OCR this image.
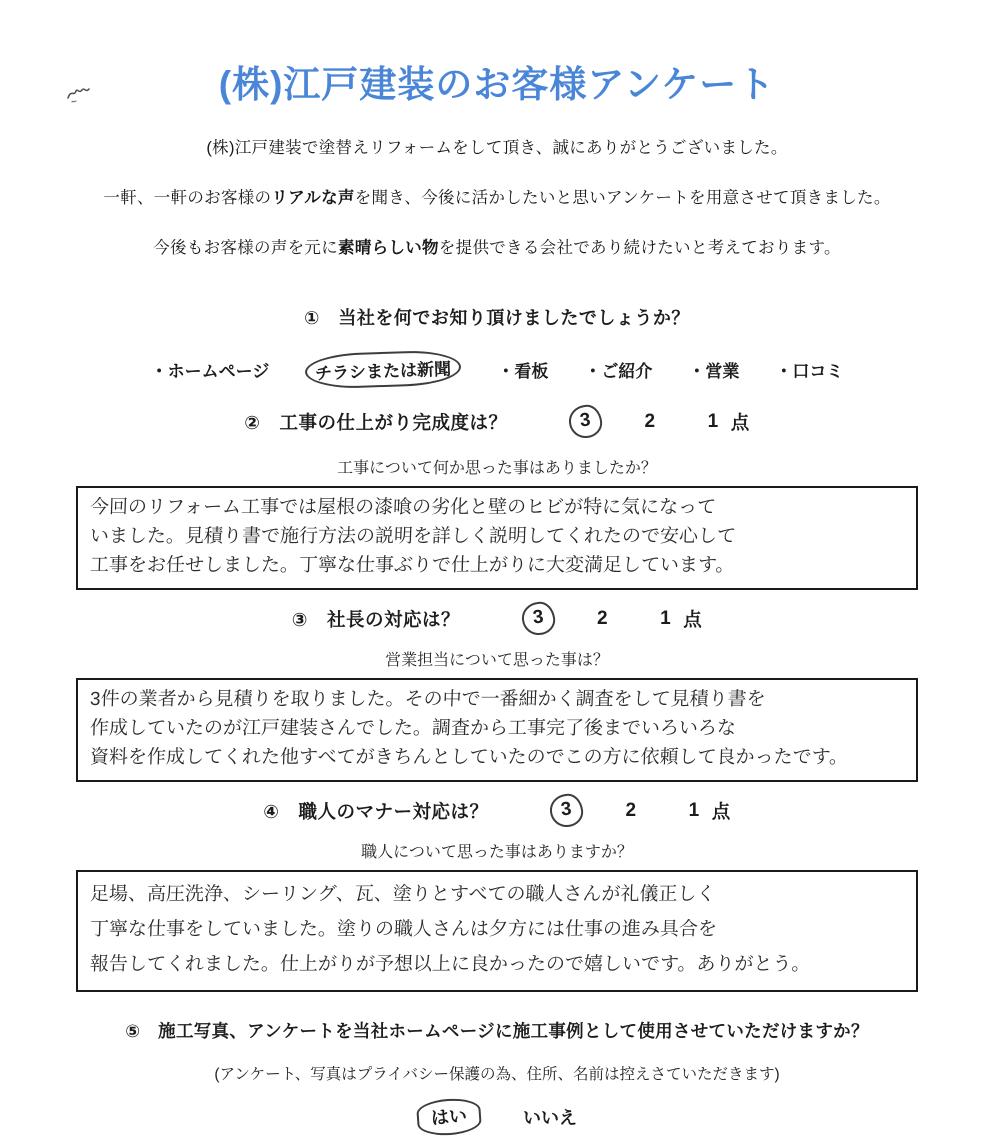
(株)江戸建装のお客様アンケート
(株)江戸建装で塗替えリフォームをして頂き、誠にありがとうございました。
一軒、一軒のお客様のリアルな声を聞き、今後に活かしたいと思いアンケートを用意させて頂きました。
今後もお客様の声を元に素晴らしい物を提供できる会社であり続けたいと考えております。
①　当社を何でお知り頂けましたでしょうか？
・ホームページ	チラシまたは新聞	・看板 ・ご紹介 ・営業 ・口コミ
②　工事の仕上がり完成度は？	3	2	1 点
工事について何か思った事はありましたか？
今回のリフォーム工事では屋根の漆喰の劣化と壁のヒビが特に気になって
いました。見積り書で施行方法の説明を詳しく説明してくれたので安心して
工事をお任せしました。丁寧な仕事ぶりで仕上がりに大変満足しています。
③　社長の対応は？	3	2	1 点
営業担当について思った事は？
3件の業者から見積りを取りました。その中で一番細かく調査をして見積り書を
作成していたのが江戸建装さんでした。調査から工事完了後までいろいろな
資料を作成してくれた他すべてがきちんとしていたのでこの方に依頼して良かったです。
④　職人のマナー対応は？	3	2	1 点
職人について思った事はありますか？
足場、高圧洗浄、シーリング、瓦、塗りとすべての職人さんが礼儀正しく
丁寧な仕事をしていました。塗りの職人さんは夕方には仕事の進み具合を
報告してくれました。仕上がりが予想以上に良かったので嬉しいです。ありがとう。
⑤　施工写真、アンケートを当社ホームページに施工事例として使用させていただけますか？
(アンケート、写真はプライバシー保護の為、住所、名前は控えさていただきます)
はい	いいえ
